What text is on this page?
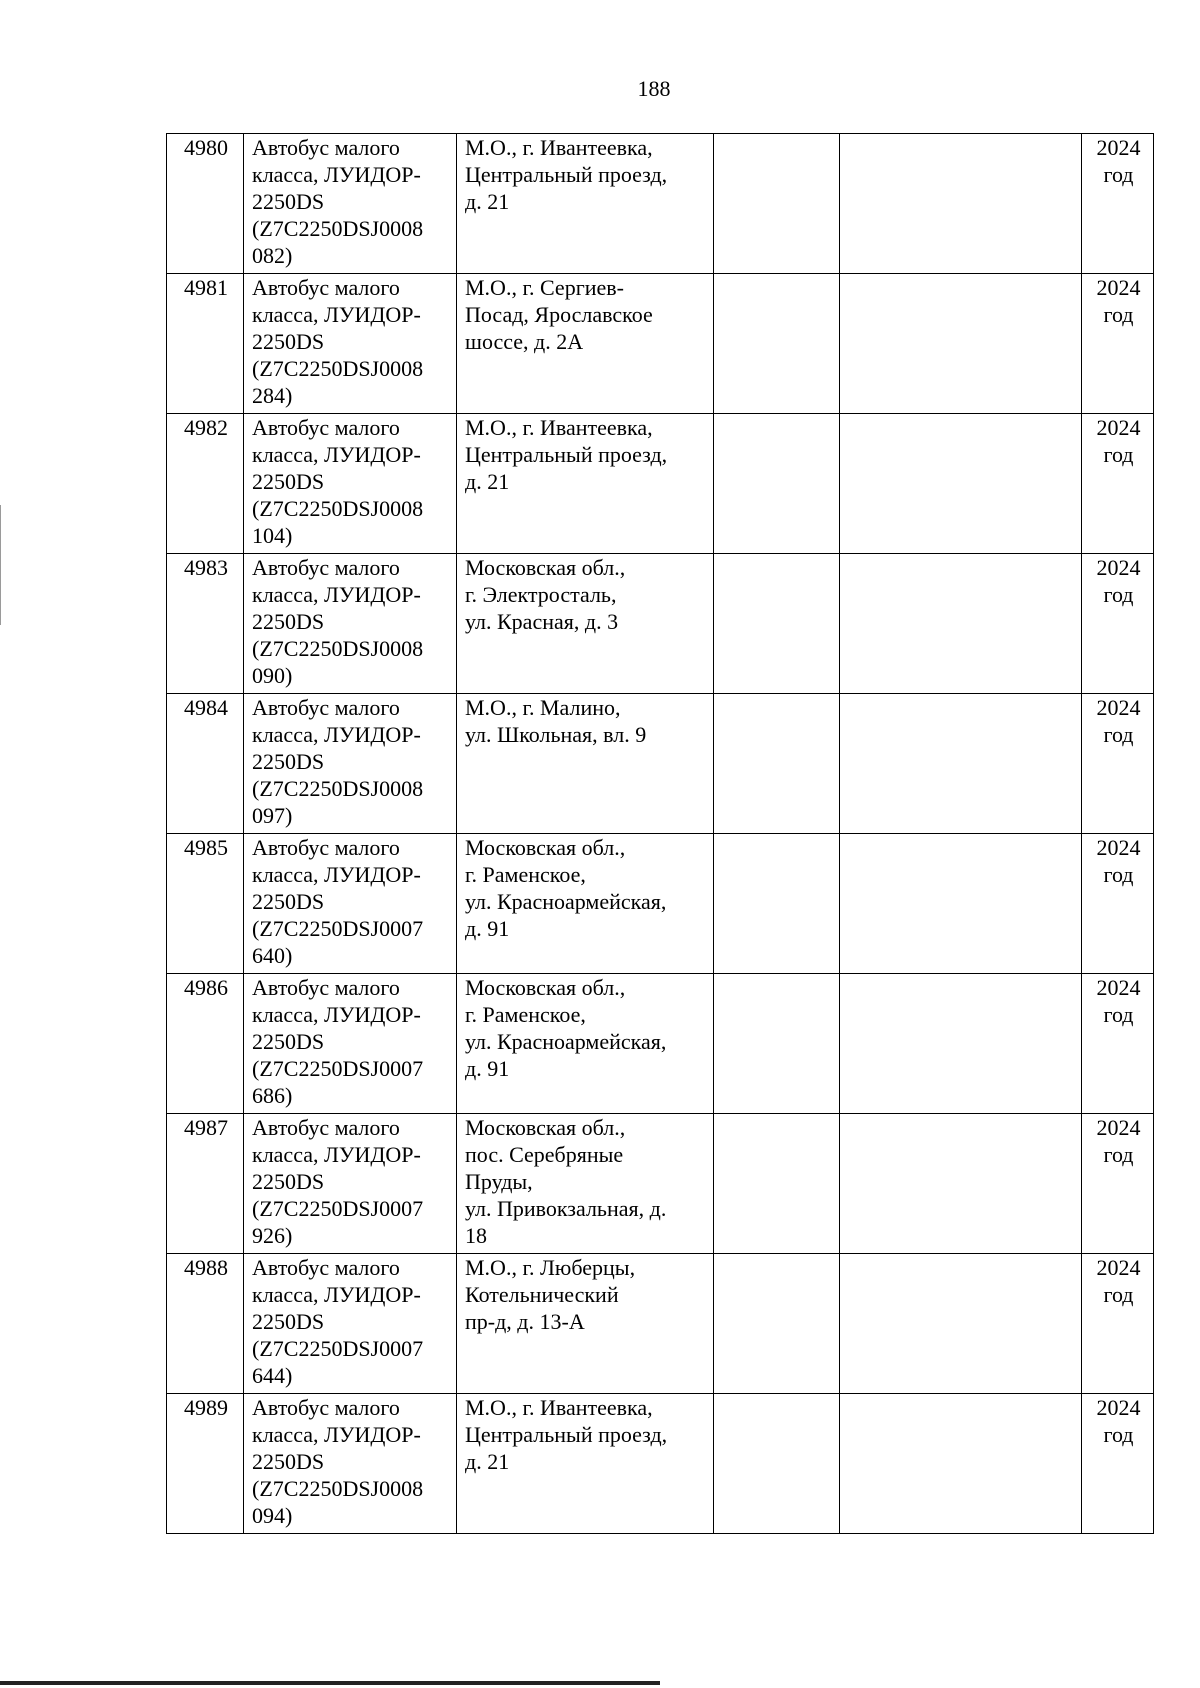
188
4980	Автобус малого
класса, ЛУИДОР-
2250DS
(Z7C2250DSJ0008
082)	М.О., г. Ивантеевка,
Центральный проезд,
д. 21			2024
год

4981	Автобус малого
класса, ЛУИДОР-
2250DS
(Z7C2250DSJ0008
284)	М.О., г. Сергиев-
Посад, Ярославское
шоссе, д. 2А			2024
год

4982	Автобус малого
класса, ЛУИДОР-
2250DS
(Z7C2250DSJ0008
104)	М.О., г. Ивантеевка,
Центральный проезд,
д. 21			2024
год

4983	Автобус малого
класса, ЛУИДОР-
2250DS
(Z7C2250DSJ0008
090)	Московская обл.,
г. Электросталь,
ул. Красная, д. 3			2024
год

4984	Автобус малого
класса, ЛУИДОР-
2250DS
(Z7C2250DSJ0008
097)	М.О., г. Малино,
ул. Школьная, вл. 9			2024
год

4985	Автобус малого
класса, ЛУИДОР-
2250DS
(Z7C2250DSJ0007
640)	Московская обл.,
г. Раменское,
ул. Красноармейская,
д. 91			2024
год

4986	Автобус малого
класса, ЛУИДОР-
2250DS
(Z7C2250DSJ0007
686)	Московская обл.,
г. Раменское,
ул. Красноармейская,
д. 91			2024
год

4987	Автобус малого
класса, ЛУИДОР-
2250DS
(Z7C2250DSJ0007
926)	Московская обл.,
пос. Серебряные
Пруды,
ул. Привокзальная, д.
18			2024
год

4988	Автобус малого
класса, ЛУИДОР-
2250DS
(Z7C2250DSJ0007
644)	М.О., г. Люберцы,
Котельнический
пр-д, д. 13-А			2024
год

4989	Автобус малого
класса, ЛУИДОР-
2250DS
(Z7C2250DSJ0008
094)	М.О., г. Ивантеевка,
Центральный проезд,
д. 21			2024
год
